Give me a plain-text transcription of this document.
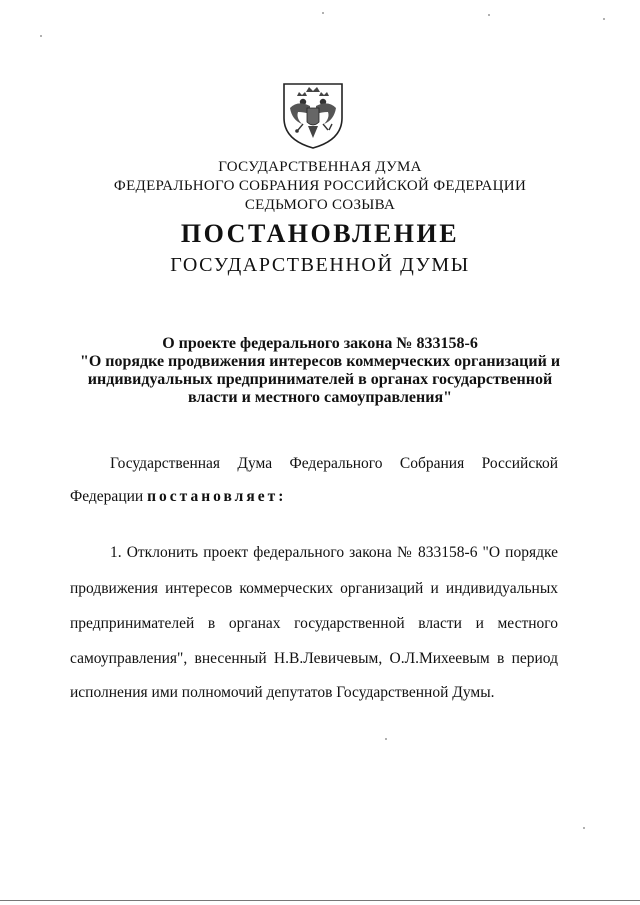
ГОСУДАРСТВЕННАЯ ДУМА
ФЕДЕРАЛЬНОГО СОБРАНИЯ РОССИЙСКОЙ ФЕДЕРАЦИИ
СЕДЬМОГО СОЗЫВА
ПОСТАНОВЛЕНИЕ
ГОСУДАРСТВЕННОЙ ДУМЫ
О проекте федерального закона № 833158-6
"О порядке продвижения интересов коммерческих организаций и
индивидуальных предпринимателей в органах государственной
власти и местного самоуправления"
Государственная Дума Федерального Собрания Российской
Федерации постановляет:
1. Отклонить проект федерального закона № 833158-6 "О порядке
продвижения интересов коммерческих организаций и индивидуальных
предпринимателей в органах государственной власти и местного
самоуправления", внесенный Н.В.Левичевым, О.Л.Михеевым в период
исполнения ими полномочий депутатов Государственной Думы.
